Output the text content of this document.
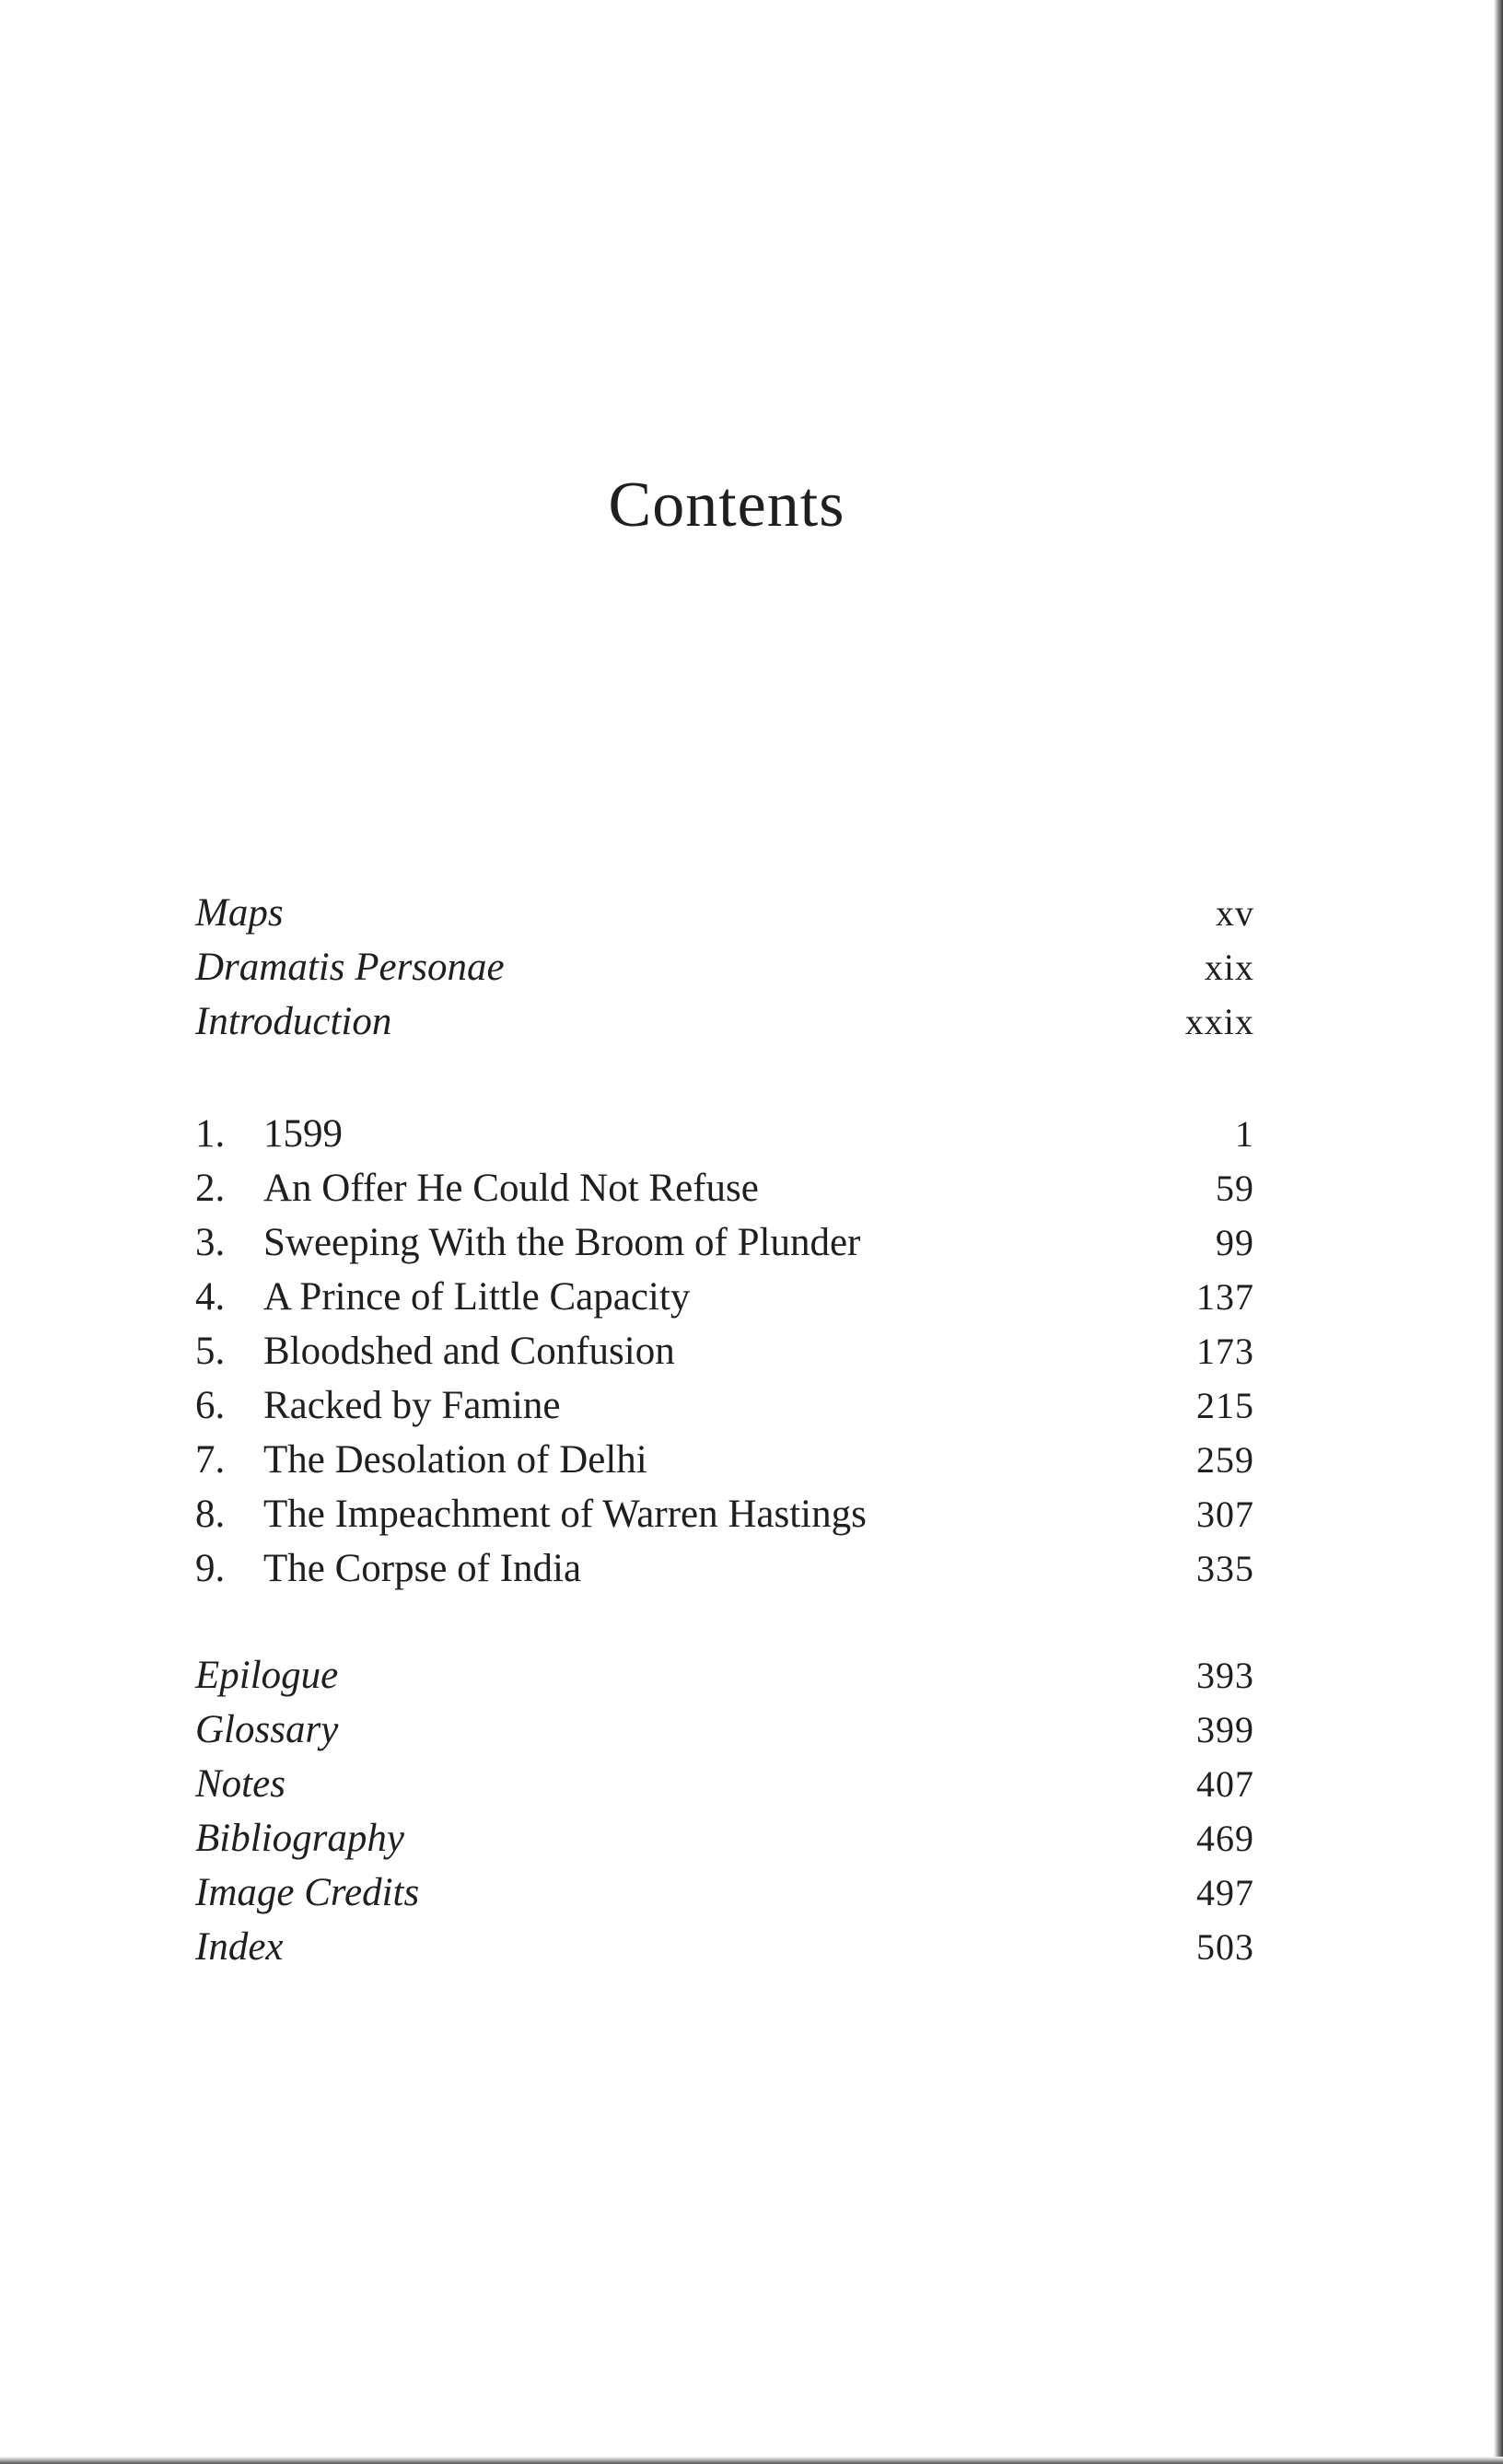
Contents
Maps	xv
Dramatis Personae	xix
Introduction	xxix
1. 1599	1
2. An Offer He Could Not Refuse	59
3. Sweeping With the Broom of Plunder	99
4. A Prince of Little Capacity	137
5. Bloodshed and Confusion	173
6. Racked by Famine	215
7. The Desolation of Delhi	259
8. The Impeachment of Warren Hastings	307
9. The Corpse of India	335
Epilogue	393
Glossary	399
Notes	407
Bibliography	469
Image Credits	497
Index	503
